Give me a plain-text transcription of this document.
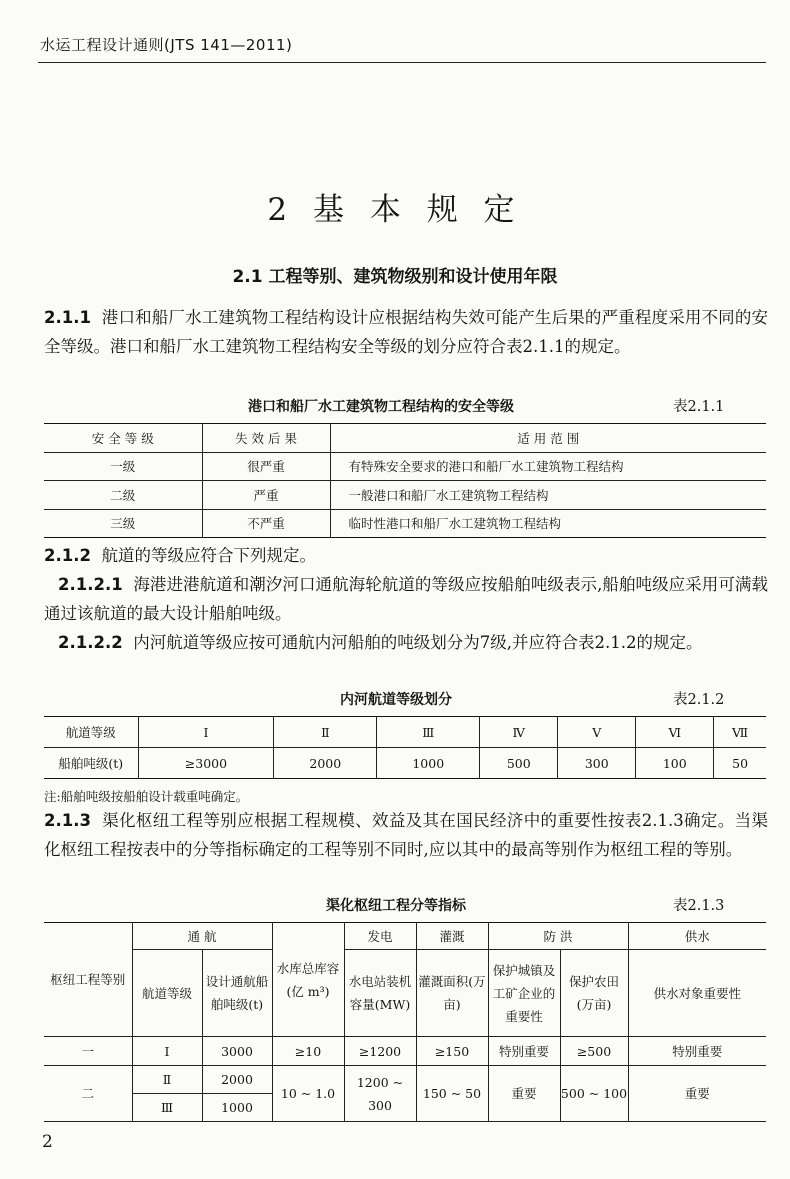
水运工程设计通则(JTS 141—2011)
2 基 本 规 定
2.1 工程等别、建筑物级别和设计使用年限
2.1.1 港口和船厂水工建筑物工程结构设计应根据结构失效可能产生后果的严重程度采用不同的安全等级。港口和船厂水工建筑物工程结构安全等级的划分应符合表2.1.1的规定。
港口和船厂水工建筑物工程结构的安全等级	表2.1.1
安 全 等 级	失 效 后 果	适 用 范 围
一级	很严重	有特殊安全要求的港口和船厂水工建筑物工程结构
二级	严重	一般港口和船厂水工建筑物工程结构
三级	不严重	临时性港口和船厂水工建筑物工程结构
2.1.2 航道的等级应符合下列规定。
2.1.2.1 海港进港航道和潮汐河口通航海轮航道的等级应按船舶吨级表示,船舶吨级应采用可满载通过该航道的最大设计船舶吨级。
2.1.2.2 内河航道等级应按可通航内河船舶的吨级划分为7级,并应符合表2.1.2的规定。
内河航道等级划分	表2.1.2
航道等级	Ⅰ	Ⅱ	Ⅲ	Ⅳ	Ⅴ	Ⅵ	Ⅶ
船舶吨级(t)	≥3000	2000	1000	500	300	100	50
注:船舶吨级按船舶设计载重吨确定。
2.1.3 渠化枢纽工程等别应根据工程规模、效益及其在国民经济中的重要性按表2.1.3确定。当渠化枢纽工程按表中的分等指标确定的工程等别不同时,应以其中的最高等别作为枢纽工程的等别。
渠化枢纽工程分等指标	表2.1.3
枢纽工程等别	通 航		水库总库容(亿 m³)	发电	灌溉	防 洪		供水
	航道等级	设计通航船舶吨级(t)		水电站装机容量(MW)	灌溉面积(万亩)	保护城镇及工矿企业的重要性	保护农田(万亩)	供水对象重要性
一	Ⅰ	3000	≥10	≥1200	≥150	特别重要	≥500	特别重要
二	Ⅱ	2000	10 ~ 1.0	1200 ~ 300	150 ~ 50	重要	500 ~ 100	重要
	Ⅲ	1000						
2
